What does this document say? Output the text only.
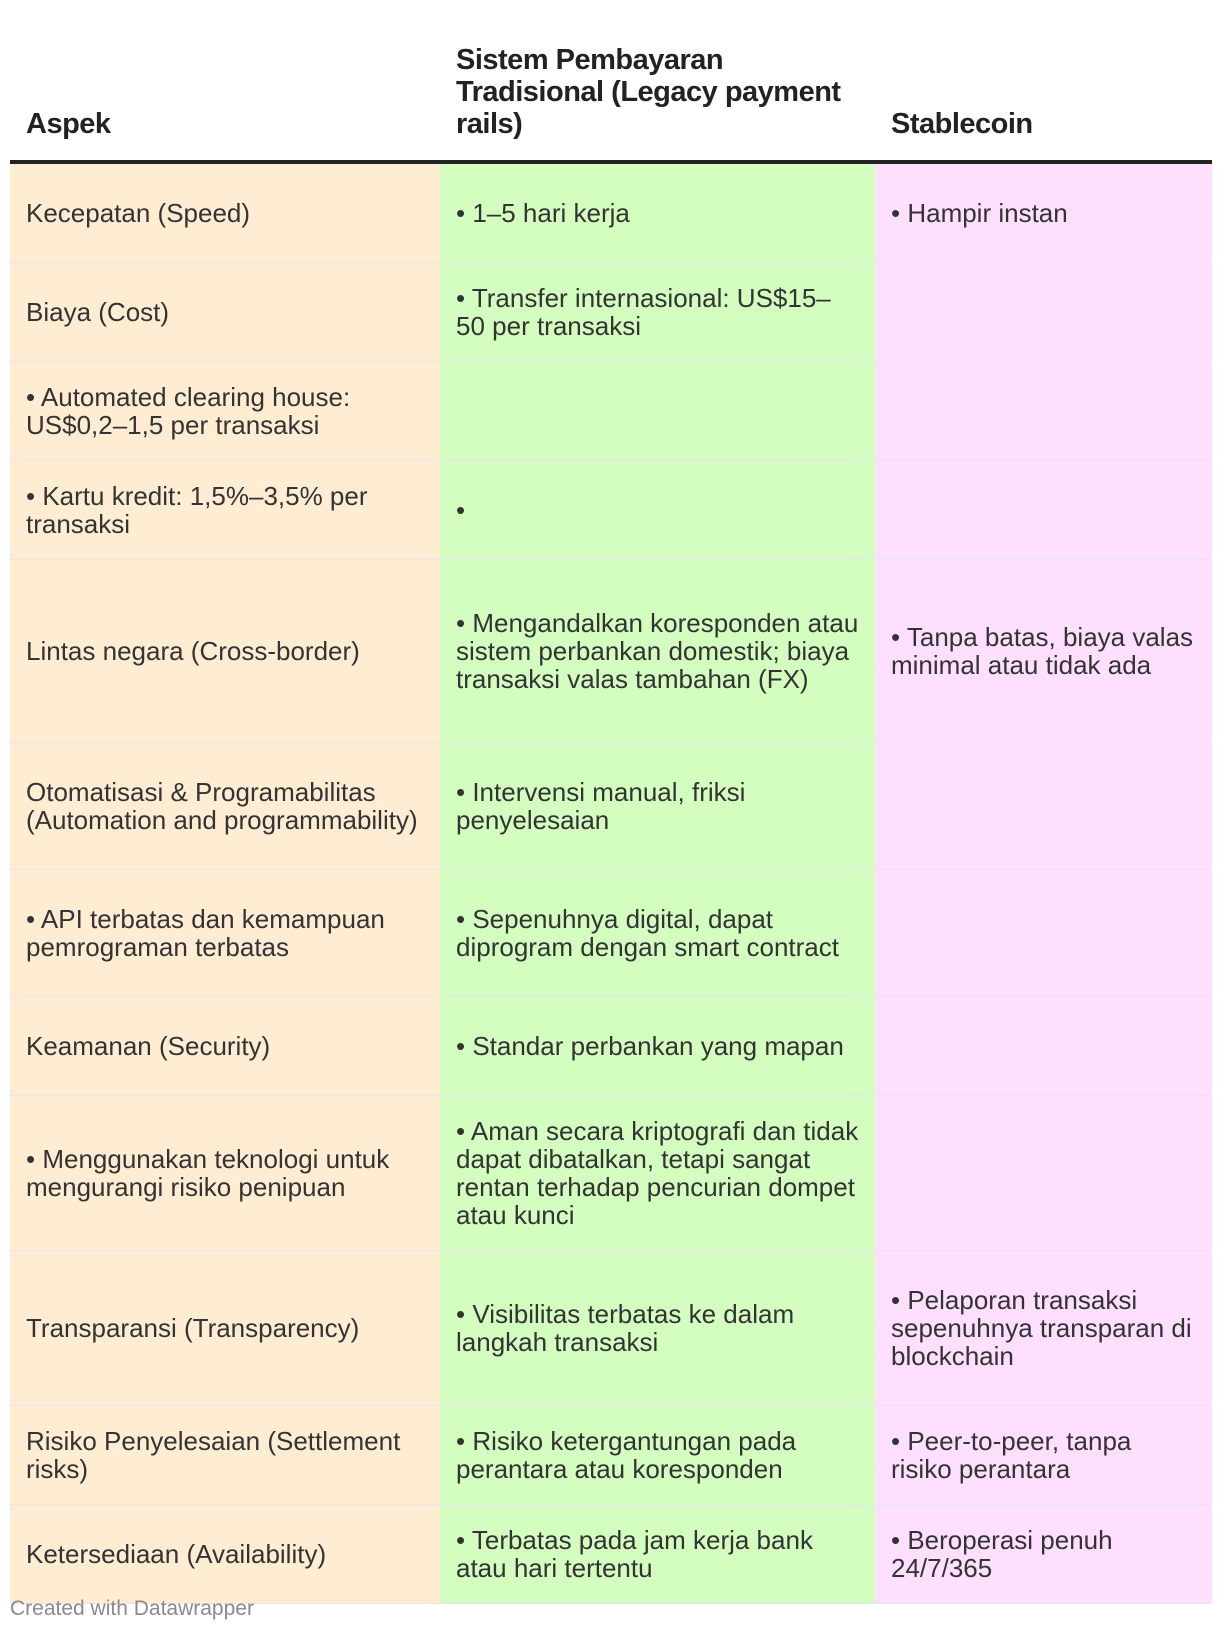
Aspek	Sistem Pembayaran Tradisional (Legacy payment rails)	Stablecoin
Kecepatan (Speed)	• 1–5 hari kerja	• Hampir instan
Biaya (Cost)	• Transfer internasional: US$15–50 per transaksi	
• Automated clearing house: US$0,2–1,5 per transaksi		
• Kartu kredit: 1,5%–3,5% per transaksi	•	
Lintas negara (Cross-border)	• Mengandalkan koresponden atau sistem perbankan domestik; biaya transaksi valas tambahan (FX)	• Tanpa batas, biaya valas minimal atau tidak ada
Otomatisasi & Programabilitas (Automation and programmability)	• Intervensi manual, friksi penyelesaian	
• API terbatas dan kemampuan pemrograman terbatas	• Sepenuhnya digital, dapat diprogram dengan smart contract	
Keamanan (Security)	• Standar perbankan yang mapan	
• Menggunakan teknologi untuk mengurangi risiko penipuan	• Aman secara kriptografi dan tidak dapat dibatalkan, tetapi sangat rentan terhadap pencurian dompet atau kunci	
Transparansi (Transparency)	• Visibilitas terbatas ke dalam langkah transaksi	• Pelaporan transaksi sepenuhnya transparan di blockchain
Risiko Penyelesaian (Settlement risks)	• Risiko ketergantungan pada perantara atau koresponden	• Peer-to-peer, tanpa risiko perantara
Ketersediaan (Availability)	• Terbatas pada jam kerja bank atau hari tertentu	• Beroperasi penuh 24/7/365
Created with Datawrapper
